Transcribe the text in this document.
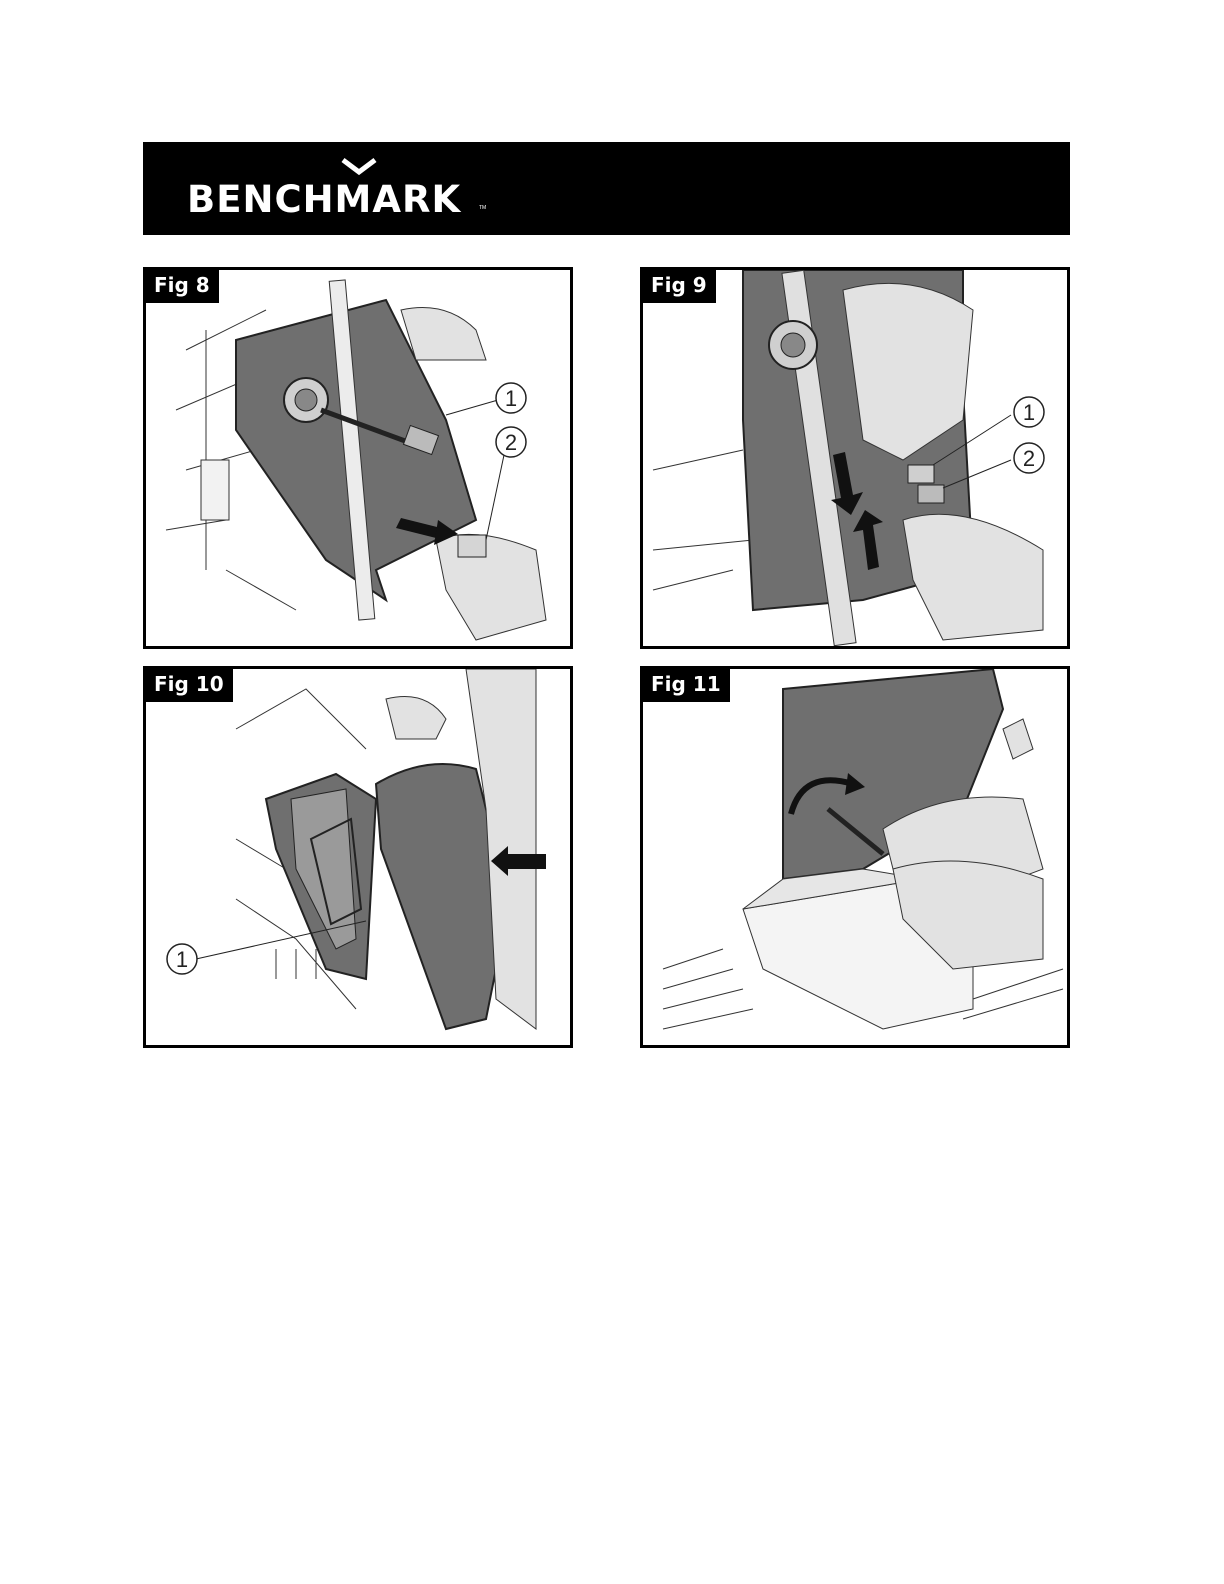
BENCHMARK	TM
Fig 8
1
2
Fig 9
1
2
Fig 10
1
Fig 11
